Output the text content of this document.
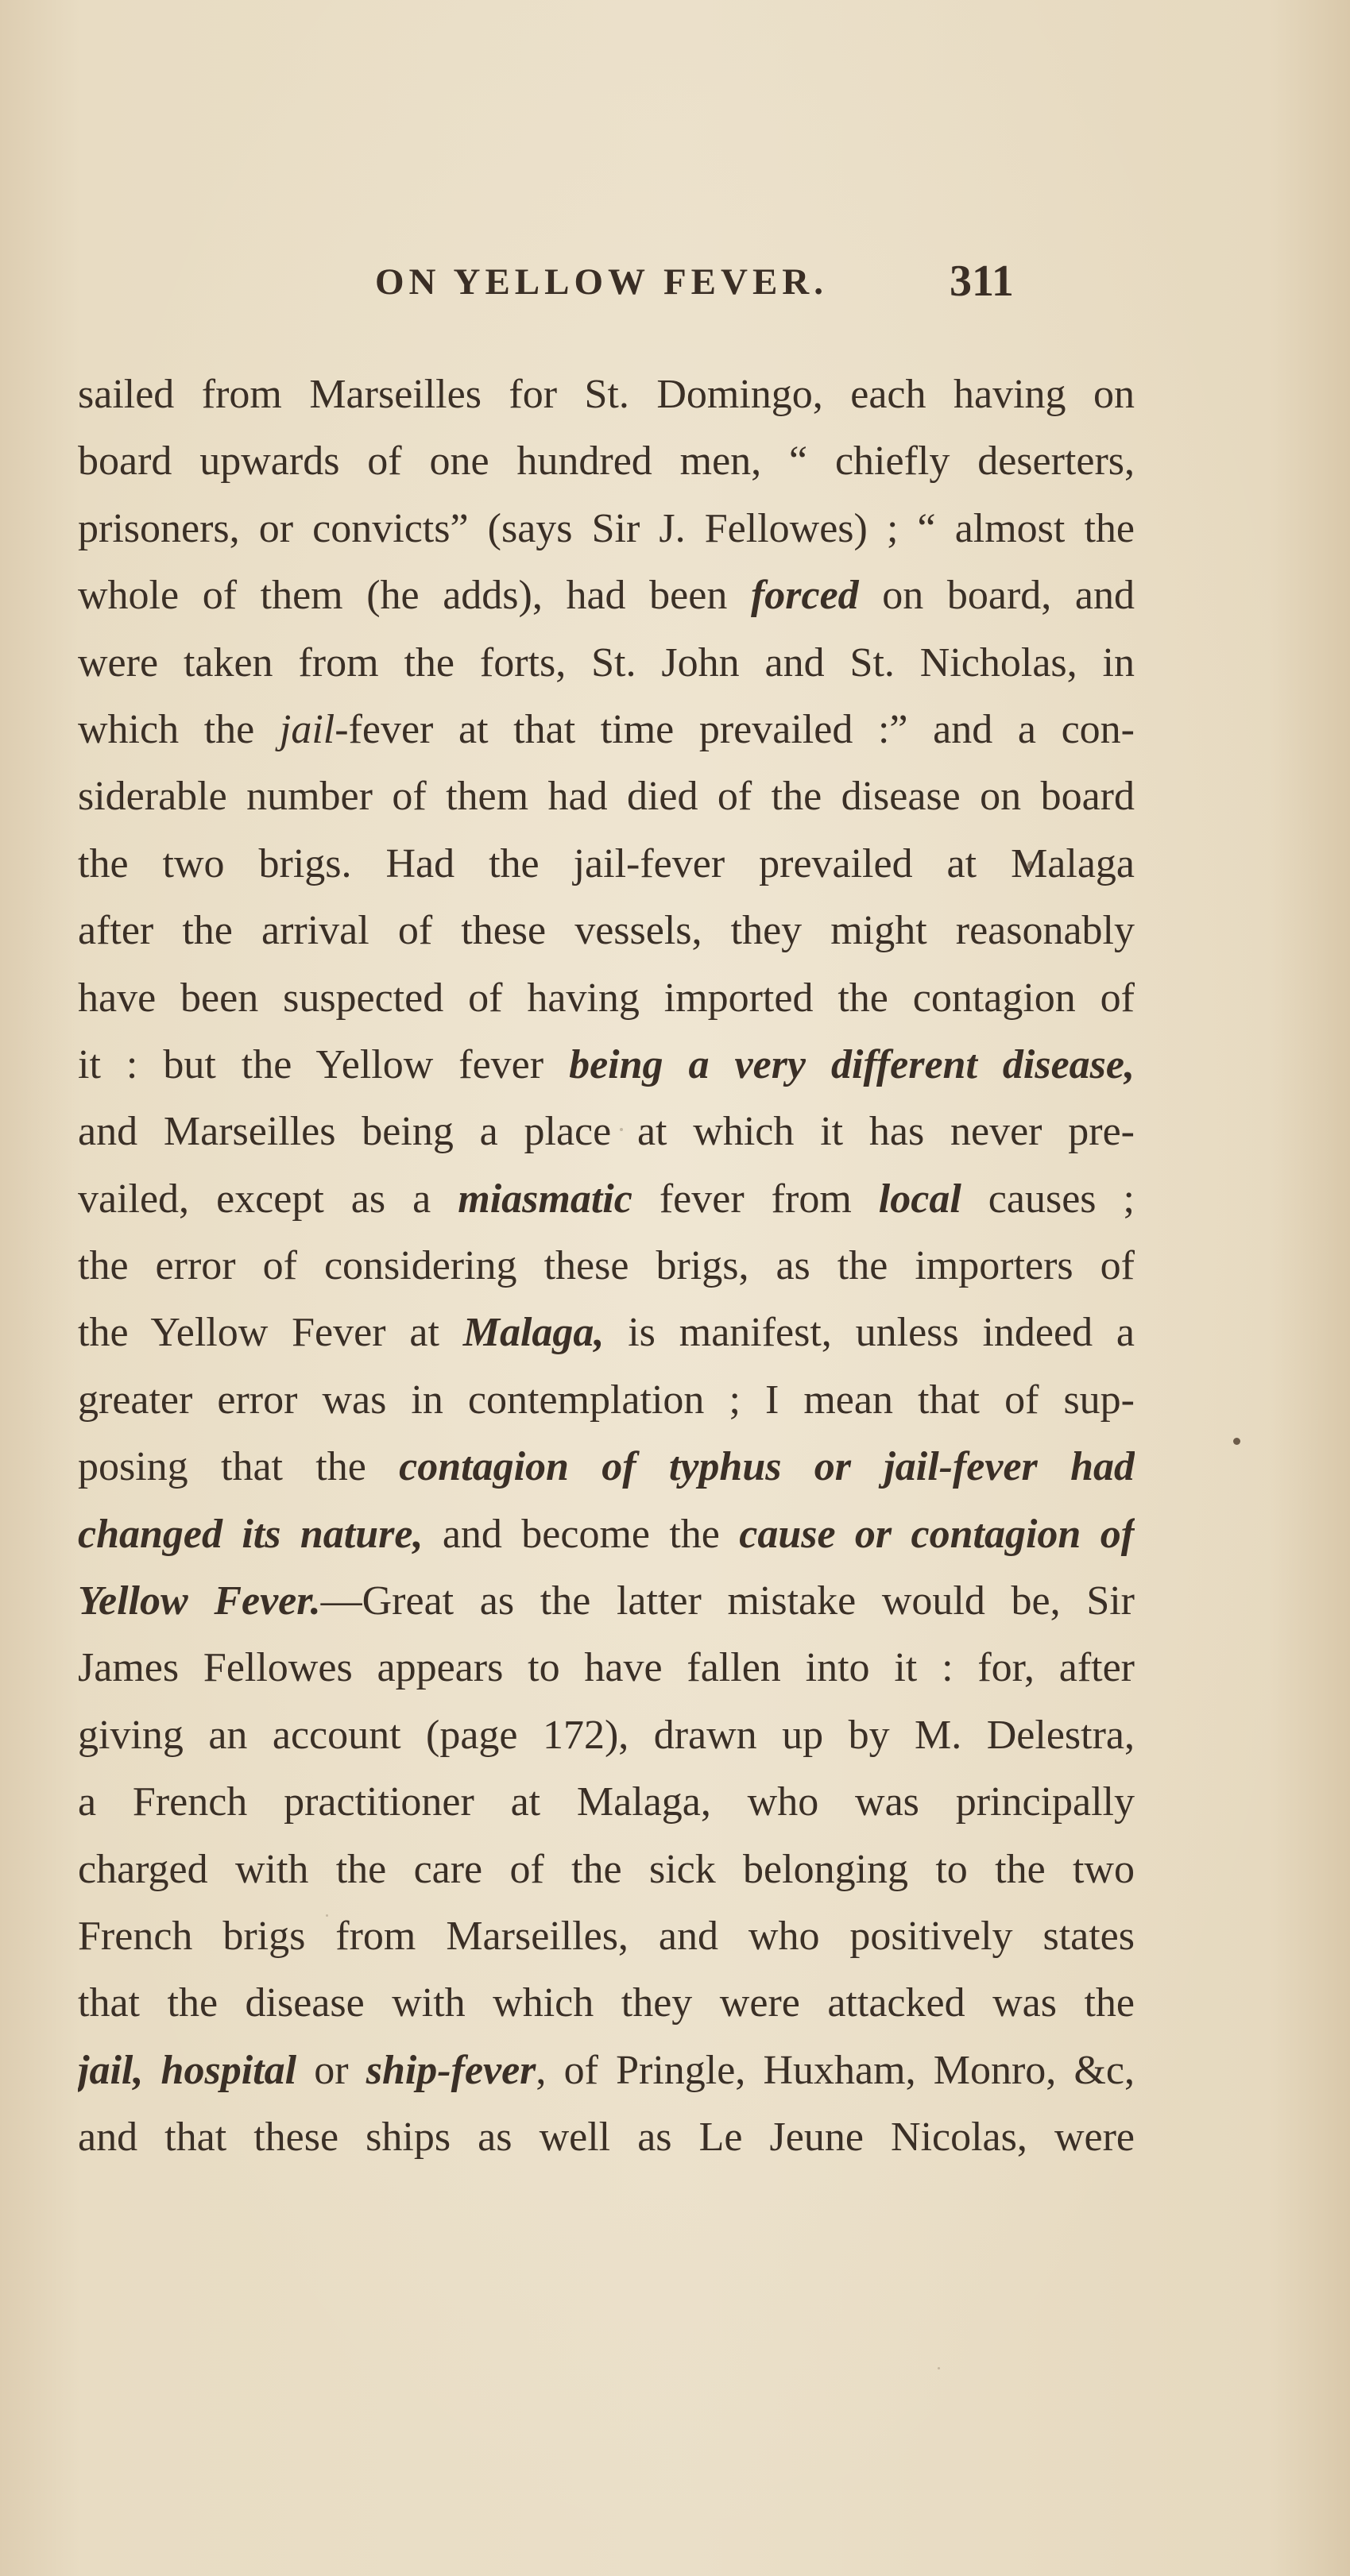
ON YELLOW FEVER.	311
sailed from Marseilles for St. Domingo, each having on
board upwards of one hundred men, “ chiefly deserters,
prisoners, or convicts” (says Sir J. Fellowes) ; “ almost the
whole of them (he adds), had been forced on board, and
were taken from the forts, St. John and St. Nicholas, in
which the jail-fever at that time prevailed :” and a con-
siderable number of them had died of the disease on board
the two brigs. Had the jail-fever prevailed at Malaga
after the arrival of these vessels, they might reasonably
have been suspected of having imported the contagion of
it : but the Yellow fever being a very different disease,
and Marseilles being a place at which it has never pre-
vailed, except as a miasmatic fever from local causes ;
the error of considering these brigs, as the importers of
the Yellow Fever at Malaga, is manifest, unless indeed a
greater error was in contemplation ; I mean that of sup-
posing that the contagion of typhus or jail-fever had
changed its nature, and become the cause or contagion of
Yellow Fever.—Great as the latter mistake would be, Sir
James Fellowes appears to have fallen into it : for, after
giving an account (page 172), drawn up by M. Delestra,
a French practitioner at Malaga, who was principally
charged with the care of the sick belonging to the two
French brigs from Marseilles, and who positively states
that the disease with which they were attacked was the
jail, hospital or ship-fever, of Pringle, Huxham, Monro, &c,
and that these ships as well as Le Jeune Nicolas, were
